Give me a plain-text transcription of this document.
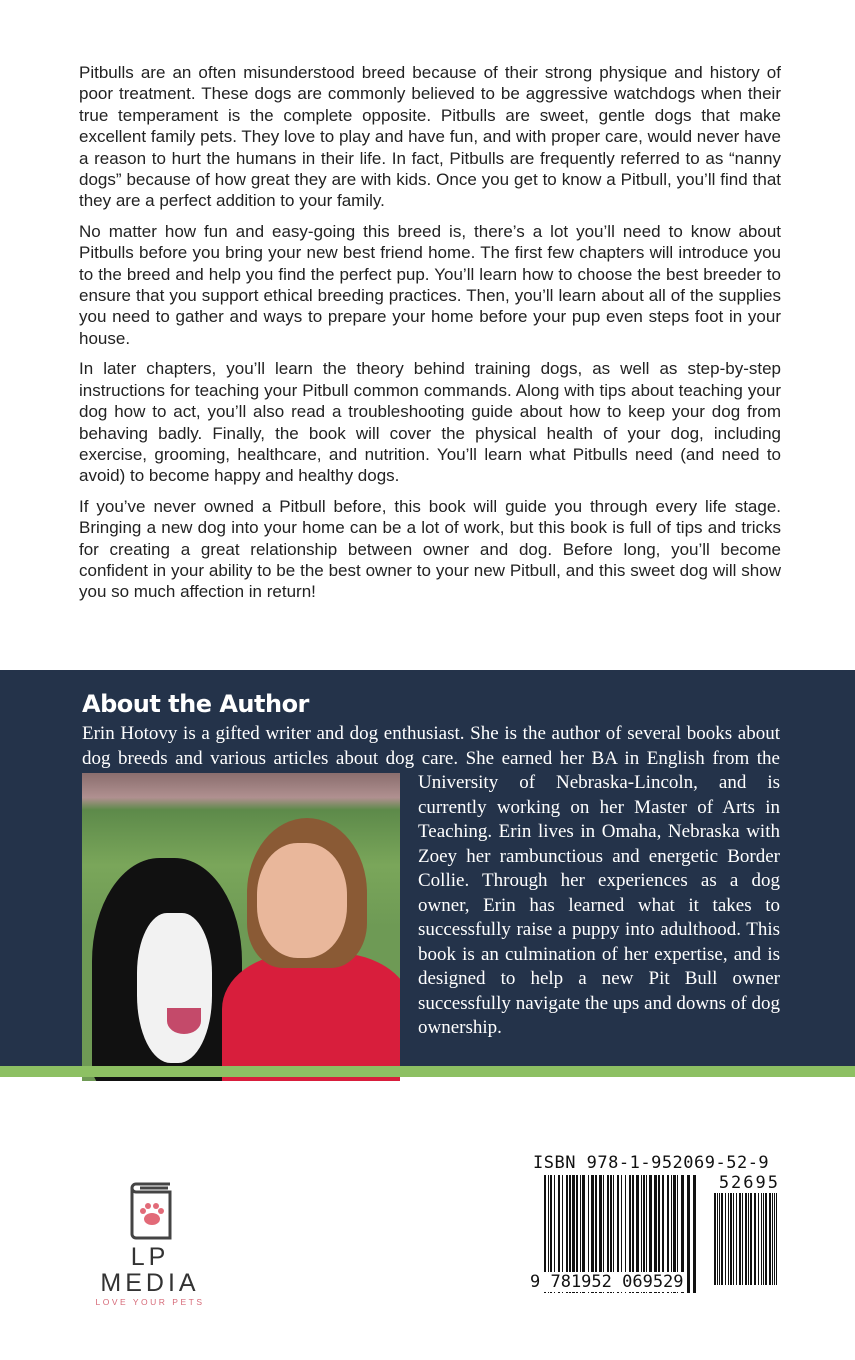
Pitbulls are an often misunderstood breed because of their strong physique and history of poor treatment. These dogs are commonly believed to be aggressive watchdogs when their true temperament is the complete opposite. Pitbulls are sweet, gentle dogs that make excellent family pets. They love to play and have fun, and with proper care, would never have a reason to hurt the humans in their life. In fact, Pitbulls are frequently referred to as “nanny dogs” because of how great they are with kids. Once you get to know a Pitbull, you’ll find that they are a perfect addition to your family.

No matter how fun and easy-going this breed is, there’s a lot you’ll need to know about Pitbulls before you bring your new best friend home. The first few chapters will introduce you to the breed and help you find the perfect pup. You’ll learn how to choose the best breeder to ensure that you support ethical breeding practices. Then, you’ll learn about all of the supplies you need to gather and ways to prepare your home before your pup even steps foot in your house.

In later chapters, you’ll learn the theory behind training dogs, as well as step-by-step instructions for teaching your Pitbull common commands. Along with tips about teaching your dog how to act, you’ll also read a troubleshooting guide about how to keep your dog from behaving badly. Finally, the book will cover the physical health of your dog, including exercise, grooming, healthcare, and nutrition. You’ll learn what Pitbulls need (and need to avoid) to become happy and healthy dogs.

If you’ve never owned a Pitbull before, this book will guide you through every life stage. Bringing a new dog into your home can be a lot of work, but this book is full of tips and tricks for creating a great relationship between owner and dog. Before long, you’ll become confident in your ability to be the best owner to your new Pitbull, and this sweet dog will show you so much affection in return!

About the Author
Erin Hotovy is a gifted writer and dog enthusiast. She is the author of several books about dog breeds and various articles about dog care. She earned her BA in English from the University of Nebraska-Lincoln, and is currently working on her Master of Arts in Teaching. Erin lives in Omaha, Nebraska with Zoey her rambunctious and energetic Border Collie. Through her experiences as a dog owner, Erin has learned what it takes to successfully raise a puppy into adulthood. This book is an culmination of her expertise, and is designed to help a new Pit Bull owner successfully navigate the ups and downs of dog ownership.
LP MEDIA
LOVE YOUR PETS
ISBN 978-1-952069-52-9
52695
9 781952 069529
